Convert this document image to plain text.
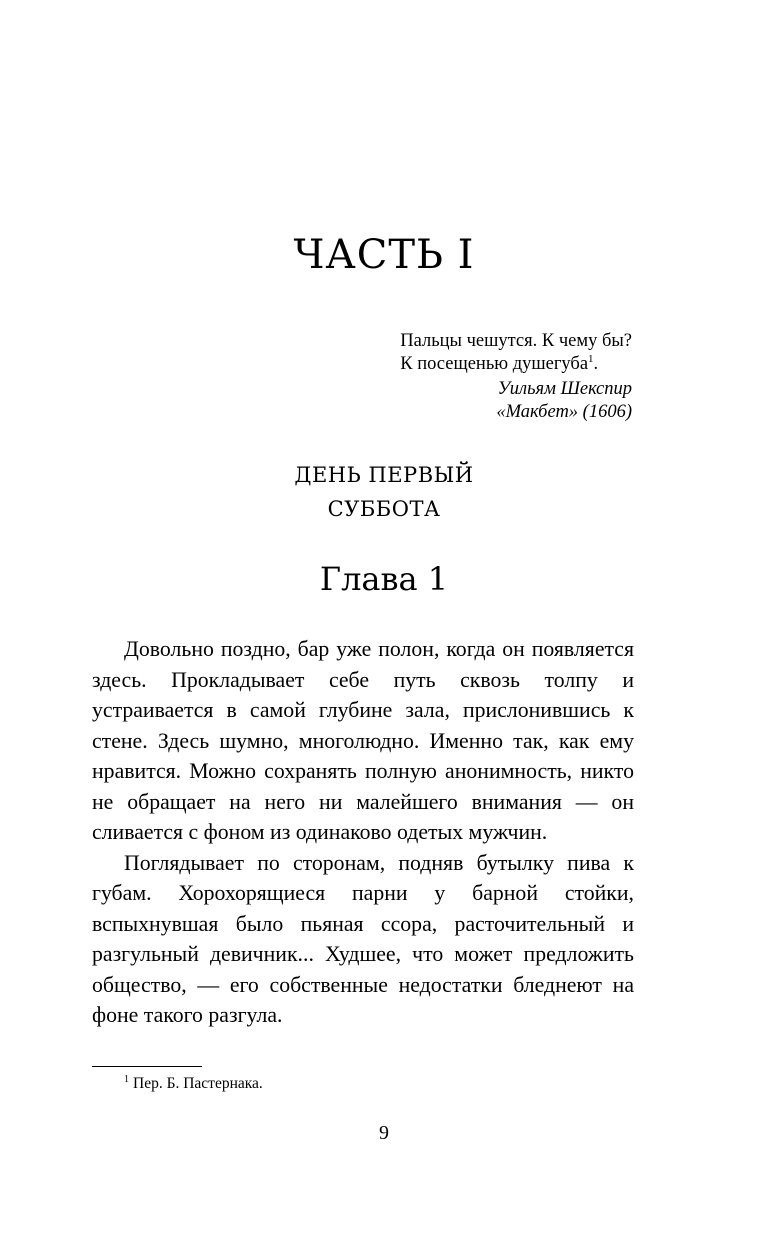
ЧАСТЬ I
Пальцы чешутся. К чему бы?
К посещенью душегуба$^1$.
Уильям Шекспир
«Макбет» (1606)
ДЕНЬ ПЕРВЫЙ
СУББОТА
Глава 1

Довольно поздно, бар уже полон, когда он появляется здесь. Прокладывает себе путь сквозь толпу и устраивается в самой глубине зала, прислонившись к стене. Здесь шумно, многолюдно. Именно так, как ему нравится. Можно сохранять полную анонимность, никто не обращает на него ни малейшего внимания — он сливается с фоном из одинаково одетых мужчин.

Поглядывает по сторонам, подняв бутылку пива к губам. Хорохорящиеся парни у барной стойки, вспыхнувшая было пьяная ссора, расточительный и разгульный девичник... Худшее, что может предложить общество, — его собственные недостатки бледнеют на фоне такого разгула.

$^1$ Пер. Б. Пастернака.
9
